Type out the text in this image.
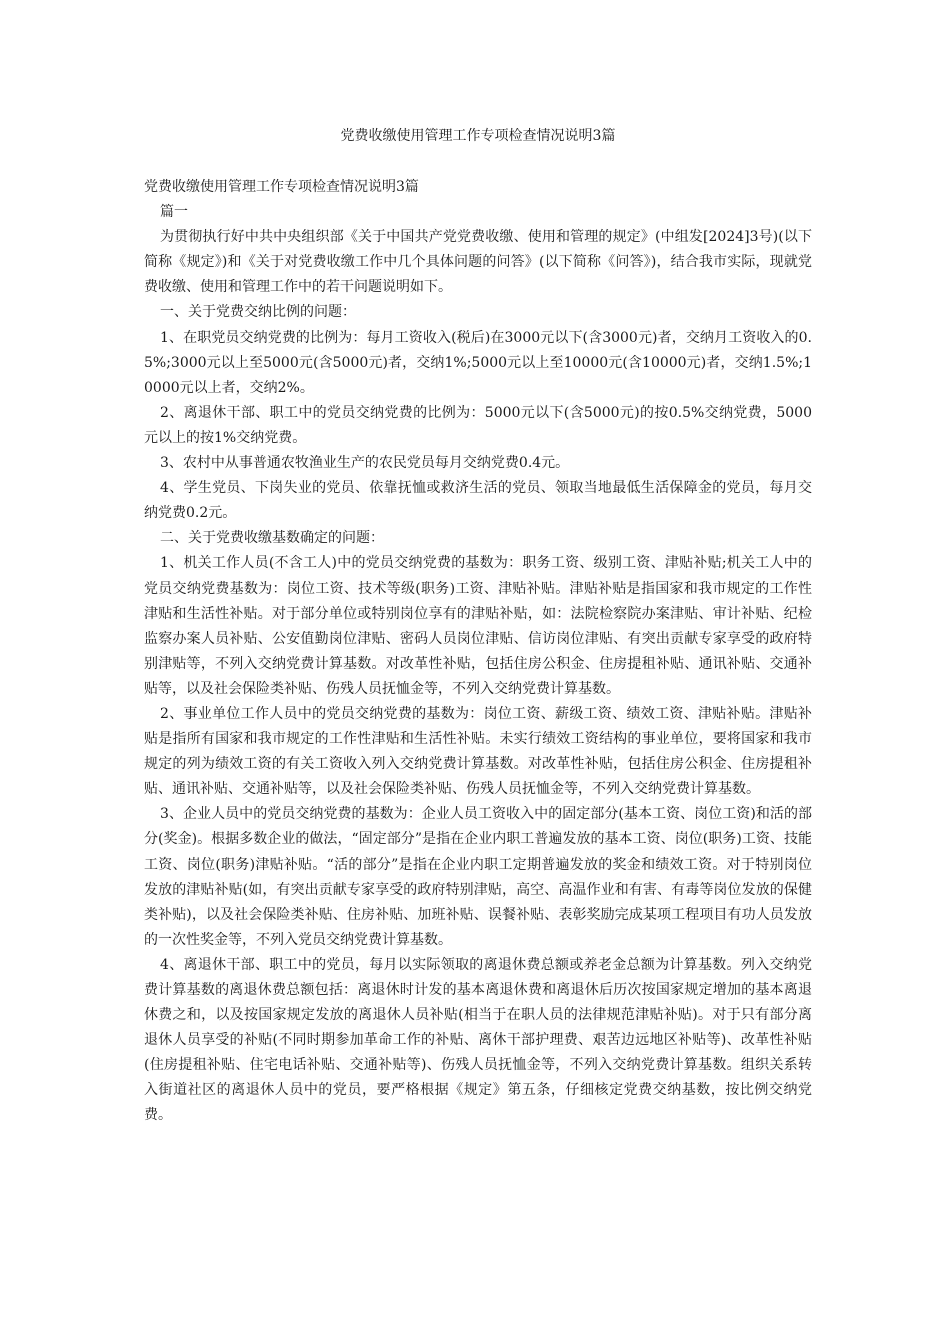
党费收缴使用管理工作专项检查情况说明3篇

党费收缴使用管理工作专项检查情况说明3篇

篇一

为贯彻执行好中共中央组织部《关于中国共产党党费收缴、使用和管理的规定》(中组发[2024]3号)(以下简称《规定》)和《关于对党费收缴工作中几个具体问题的问答》(以下简称《问答》)，结合我市实际，现就党费收缴、使用和管理工作中的若干问题说明如下。

一、关于党费交纳比例的问题：

1、在职党员交纳党费的比例为：每月工资收入(税后)在3000元以下(含3000元)者，交纳月工资收入的0.5%;3000元以上至5000元(含5000元)者，交纳1%;5000元以上至10000元(含10000元)者，交纳1.5%;10000元以上者，交纳2%。

2、离退休干部、职工中的党员交纳党费的比例为：5000元以下(含5000元)的按0.5%交纳党费，5000元以上的按1%交纳党费。

3、农村中从事普通农牧渔业生产的农民党员每月交纳党费0.4元。

4、学生党员、下岗失业的党员、依靠抚恤或救济生活的党员、领取当地最低生活保障金的党员，每月交纳党费0.2元。

二、关于党费收缴基数确定的问题：

1、机关工作人员(不含工人)中的党员交纳党费的基数为：职务工资、级别工资、津贴补贴;机关工人中的党员交纳党费基数为：岗位工资、技术等级(职务)工资、津贴补贴。津贴补贴是指国家和我市规定的工作性津贴和生活性补贴。对于部分单位或特别岗位享有的津贴补贴，如：法院检察院办案津贴、审计补贴、纪检监察办案人员补贴、公安值勤岗位津贴、密码人员岗位津贴、信访岗位津贴、有突出贡献专家享受的政府特别津贴等，不列入交纳党费计算基数。对改革性补贴，包括住房公积金、住房提租补贴、通讯补贴、交通补贴等，以及社会保险类补贴、伤残人员抚恤金等，不列入交纳党费计算基数。

2、事业单位工作人员中的党员交纳党费的基数为：岗位工资、薪级工资、绩效工资、津贴补贴。津贴补贴是指所有国家和我市规定的工作性津贴和生活性补贴。未实行绩效工资结构的事业单位，要将国家和我市规定的列为绩效工资的有关工资收入列入交纳党费计算基数。对改革性补贴，包括住房公积金、住房提租补贴、通讯补贴、交通补贴等，以及社会保险类补贴、伤残人员抚恤金等，不列入交纳党费计算基数。

3、企业人员中的党员交纳党费的基数为：企业人员工资收入中的固定部分(基本工资、岗位工资)和活的部分(奖金)。根据多数企业的做法，“固定部分”是指在企业内职工普遍发放的基本工资、岗位(职务)工资、技能工资、岗位(职务)津贴补贴。“活的部分”是指在企业内职工定期普遍发放的奖金和绩效工资。对于特别岗位发放的津贴补贴(如，有突出贡献专家享受的政府特别津贴，高空、高温作业和有害、有毒等岗位发放的保健类补贴)，以及社会保险类补贴、住房补贴、加班补贴、误餐补贴、表彰奖励完成某项工程项目有功人员发放的一次性奖金等，不列入党员交纳党费计算基数。

4、离退休干部、职工中的党员，每月以实际领取的离退休费总额或养老金总额为计算基数。列入交纳党费计算基数的离退休费总额包括：离退休时计发的基本离退休费和离退休后历次按国家规定增加的基本离退休费之和，以及按国家规定发放的离退休人员补贴(相当于在职人员的法律规范津贴补贴)。对于只有部分离退休人员享受的补贴(不同时期参加革命工作的补贴、离休干部护理费、艰苦边远地区补贴等)、改革性补贴(住房提租补贴、住宅电话补贴、交通补贴等)、伤残人员抚恤金等，不列入交纳党费计算基数。组织关系转入街道社区的离退休人员中的党员，要严格根据《规定》第五条，仔细核定党费交纳基数，按比例交纳党费。
